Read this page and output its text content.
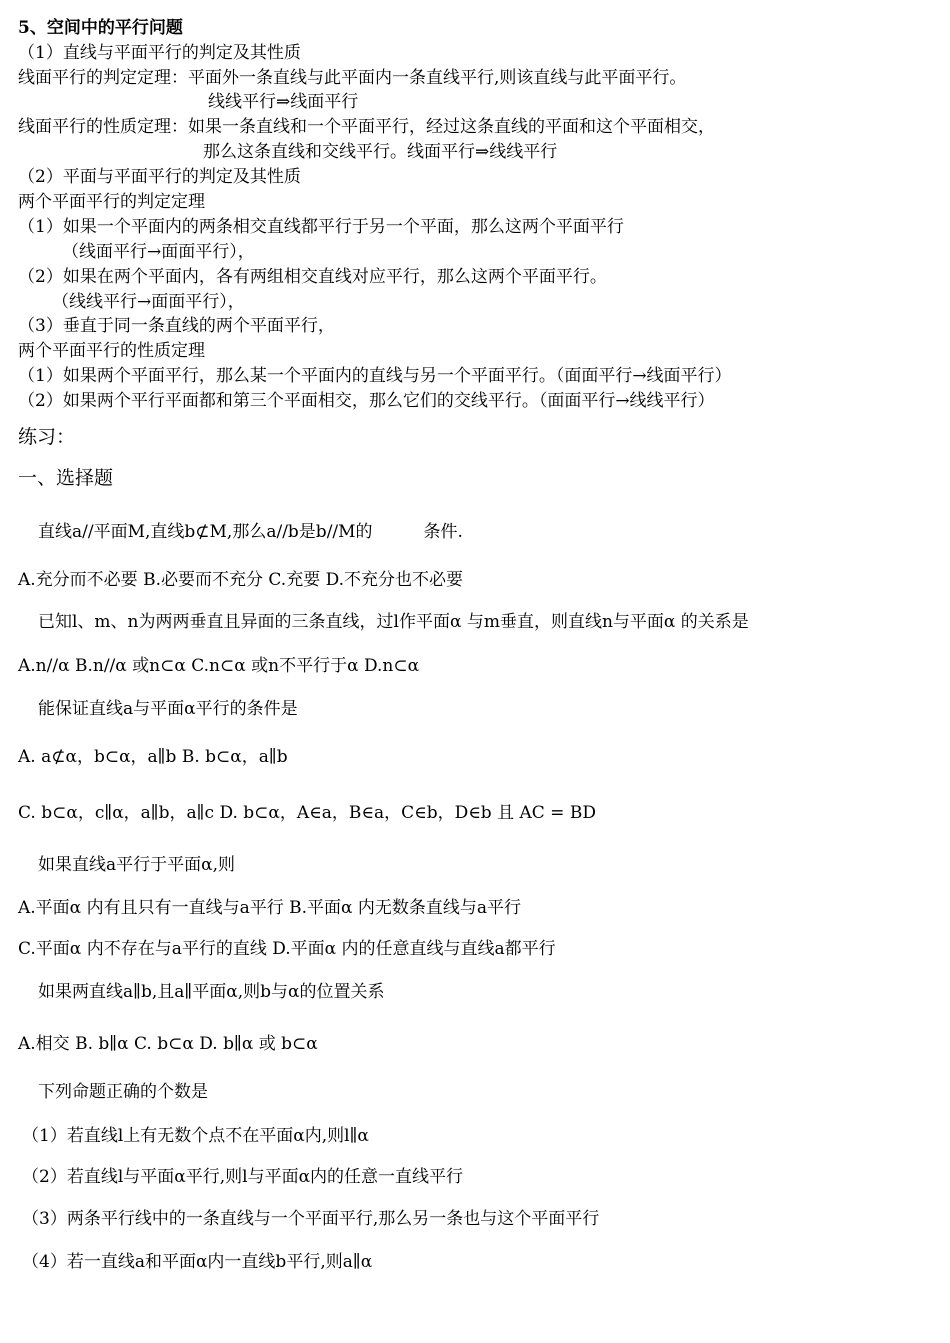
5、空间中的平行问题
（1）直线与平面平行的判定及其性质
线面平行的判定定理：平面外一条直线与此平面内一条直线平行,则该直线与此平面平行。
线线平行⇒线面平行
线面平行的性质定理：如果一条直线和一个平面平行，经过这条直线的平面和这个平面相交，
那么这条直线和交线平行。线面平行⇒线线平行
（2）平面与平面平行的判定及其性质
两个平面平行的判定定理
（1）如果一个平面内的两条相交直线都平行于另一个平面，那么这两个平面平行
（线面平行→面面平行），
（2）如果在两个平面内，各有两组相交直线对应平行，那么这两个平面平行。
（线线平行→面面平行），
（3）垂直于同一条直线的两个平面平行，
两个平面平行的性质定理
（1）如果两个平面平行，那么某一个平面内的直线与另一个平面平行。（面面平行→线面平行）
（2）如果两个平行平面都和第三个平面相交，那么它们的交线平行。（面面平行→线线平行）
练习：
一、选择题
直线a//平面M,直线b⊄M,那么a//b是b//M的　　　条件.
A.充分而不必要 B.必要而不充分 C.充要 D.不充分也不必要
已知l、m、n为两两垂直且异面的三条直线，过l作平面α 与m垂直，则直线n与平面α 的关系是
A.n//α B.n//α 或n⊂α C.n⊂α 或n不平行于α D.n⊂α
能保证直线a与平面α平行的条件是
A. a⊄α，b⊂α，a∥b B. b⊂α，a∥b
C. b⊂α，c∥α，a∥b，a∥c D. b⊂α，A∈a，B∈a，C∈b，D∈b 且 AC = BD
如果直线a平行于平面α,则
A.平面α 内有且只有一直线与a平行 B.平面α 内无数条直线与a平行
C.平面α 内不存在与a平行的直线 D.平面α 内的任意直线与直线a都平行
如果两直线a∥b,且a∥平面α,则b与α的位置关系
A.相交 B. b∥α C. b⊂α D. b∥α 或 b⊂α
下列命题正确的个数是
（1）若直线l上有无数个点不在平面α内,则l∥α
（2）若直线l与平面α平行,则l与平面α内的任意一直线平行
（3）两条平行线中的一条直线与一个平面平行,那么另一条也与这个平面平行
（4）若一直线a和平面α内一直线b平行,则a∥α
